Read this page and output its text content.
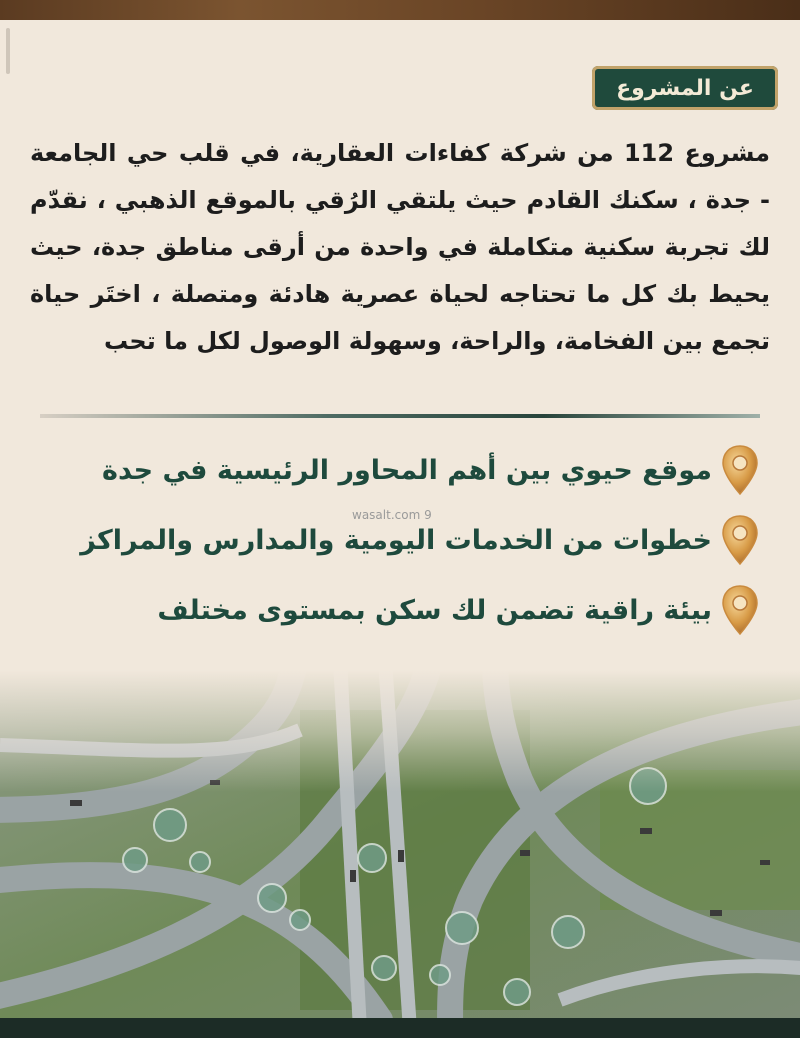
عن المشروع
مشروع 112 من شركة كفاءات العقارية، في قلب حي الجامعة - جدة ، سكنك القادم حيث يلتقي الرُقي بالموقع الذهبي ، نقدّم لك تجربة سكنية متكاملة في واحدة من أرقى مناطق جدة، حيث يحيط بك كل ما تحتاجه لحياة عصرية هادئة ومتصلة ، اختَر حياة تجمع بين الفخامة، والراحة، وسهولة الوصول لكل ما تحب
موقع حيوي بين أهم المحاور الرئيسية في جدة
خطوات من الخدمات اليومية والمدارس والمراكز
بيئة راقية تضمن لك سكن بمستوى مختلف
wasalt.com 9
